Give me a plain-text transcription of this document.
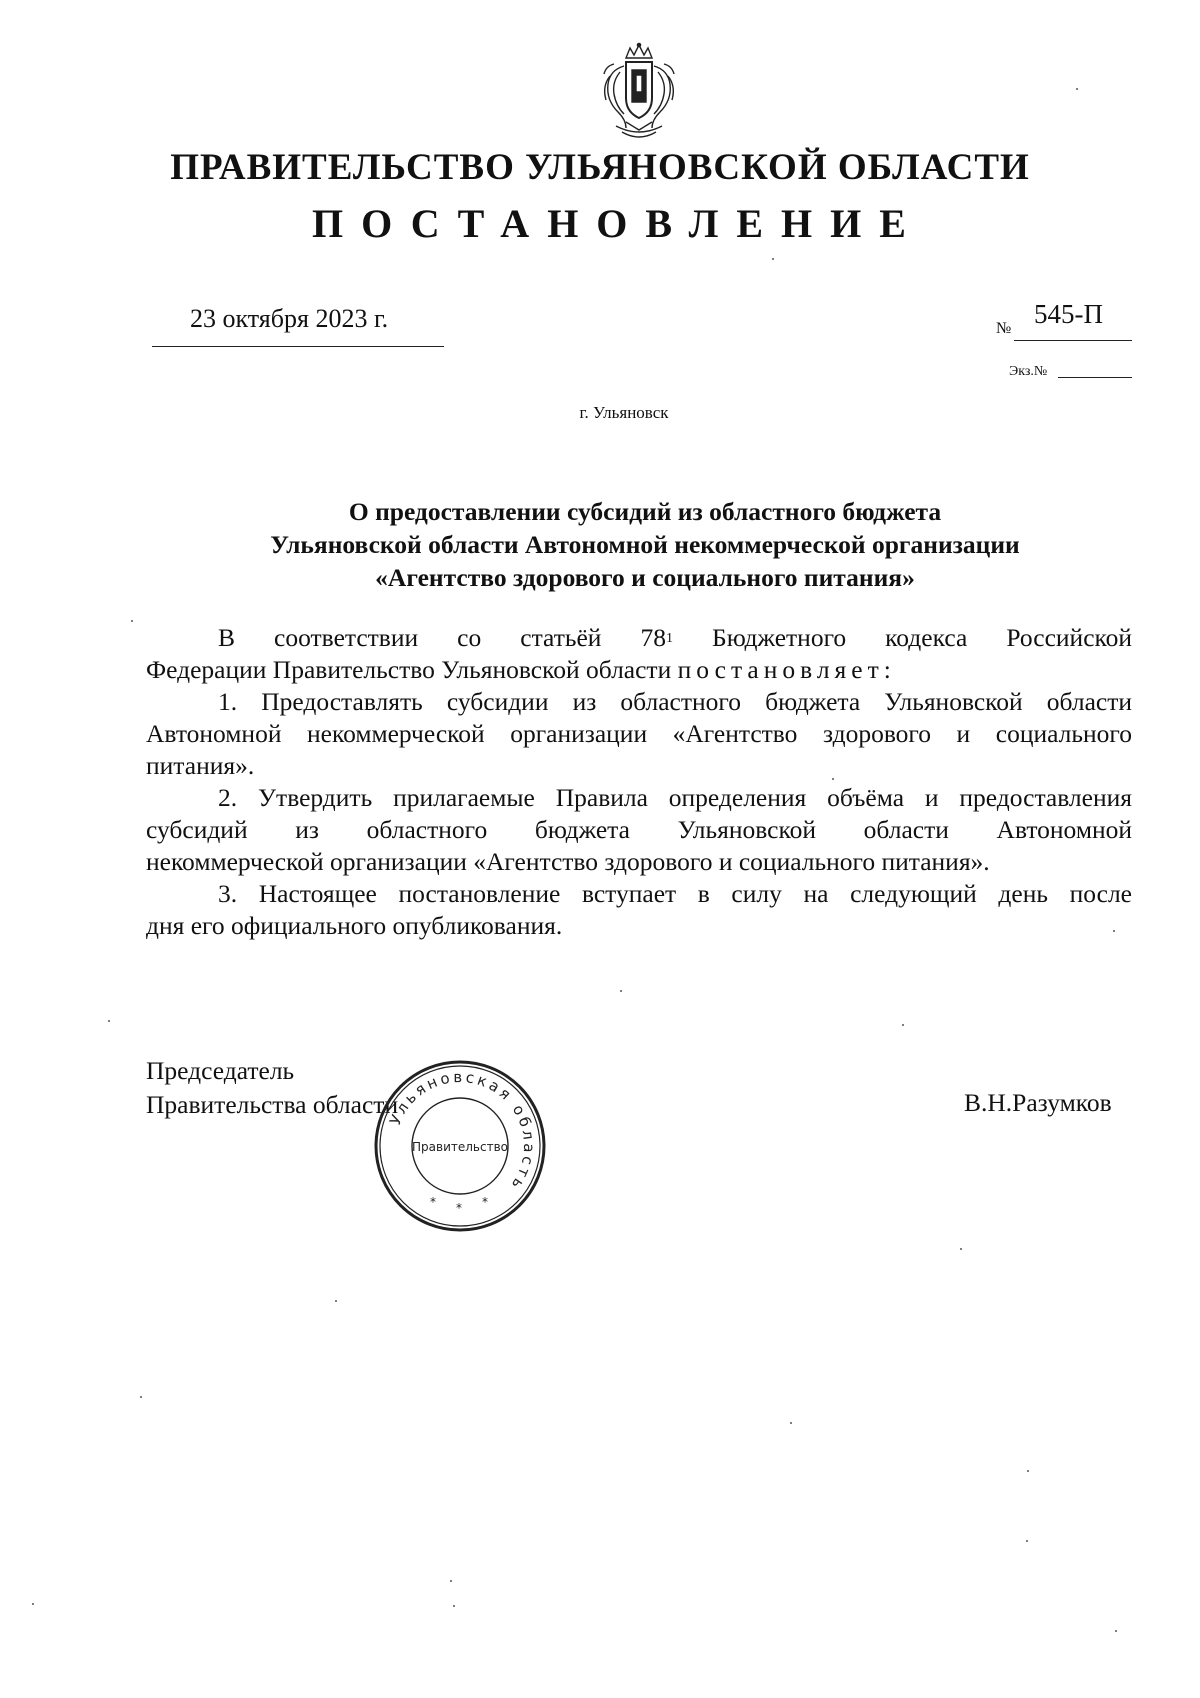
ПРАВИТЕЛЬСТВО УЛЬЯНОВСКОЙ ОБЛАСТИ
ПОСТАНОВЛЕНИЕ
23 октября 2023 г.	№ 545-П
Экз.№
г. Ульяновск
О предоставлении субсидий из областного бюджета
Ульяновской области Автономной некоммерческой организации
«Агентство здорового и социального питания»
В соответствии со статьёй $78^1$ Бюджетного кодекса Российской
Федерации Правительство Ульяновской области постановляет:
1. Предоставлять субсидии из областного бюджета Ульяновской области
Автономной некоммерческой организации «Агентство здорового и социального
питания».
2. Утвердить прилагаемые Правила определения объёма и предоставления
субсидий из областного бюджета Ульяновской области Автономной
некоммерческой организации «Агентство здорового и социального питания».
3. Настоящее постановление вступает в силу на следующий день после
дня его официального опубликования.
Председатель
Правительства области	В.Н.Разумков
Ульяновская область
Правительство
* * *
